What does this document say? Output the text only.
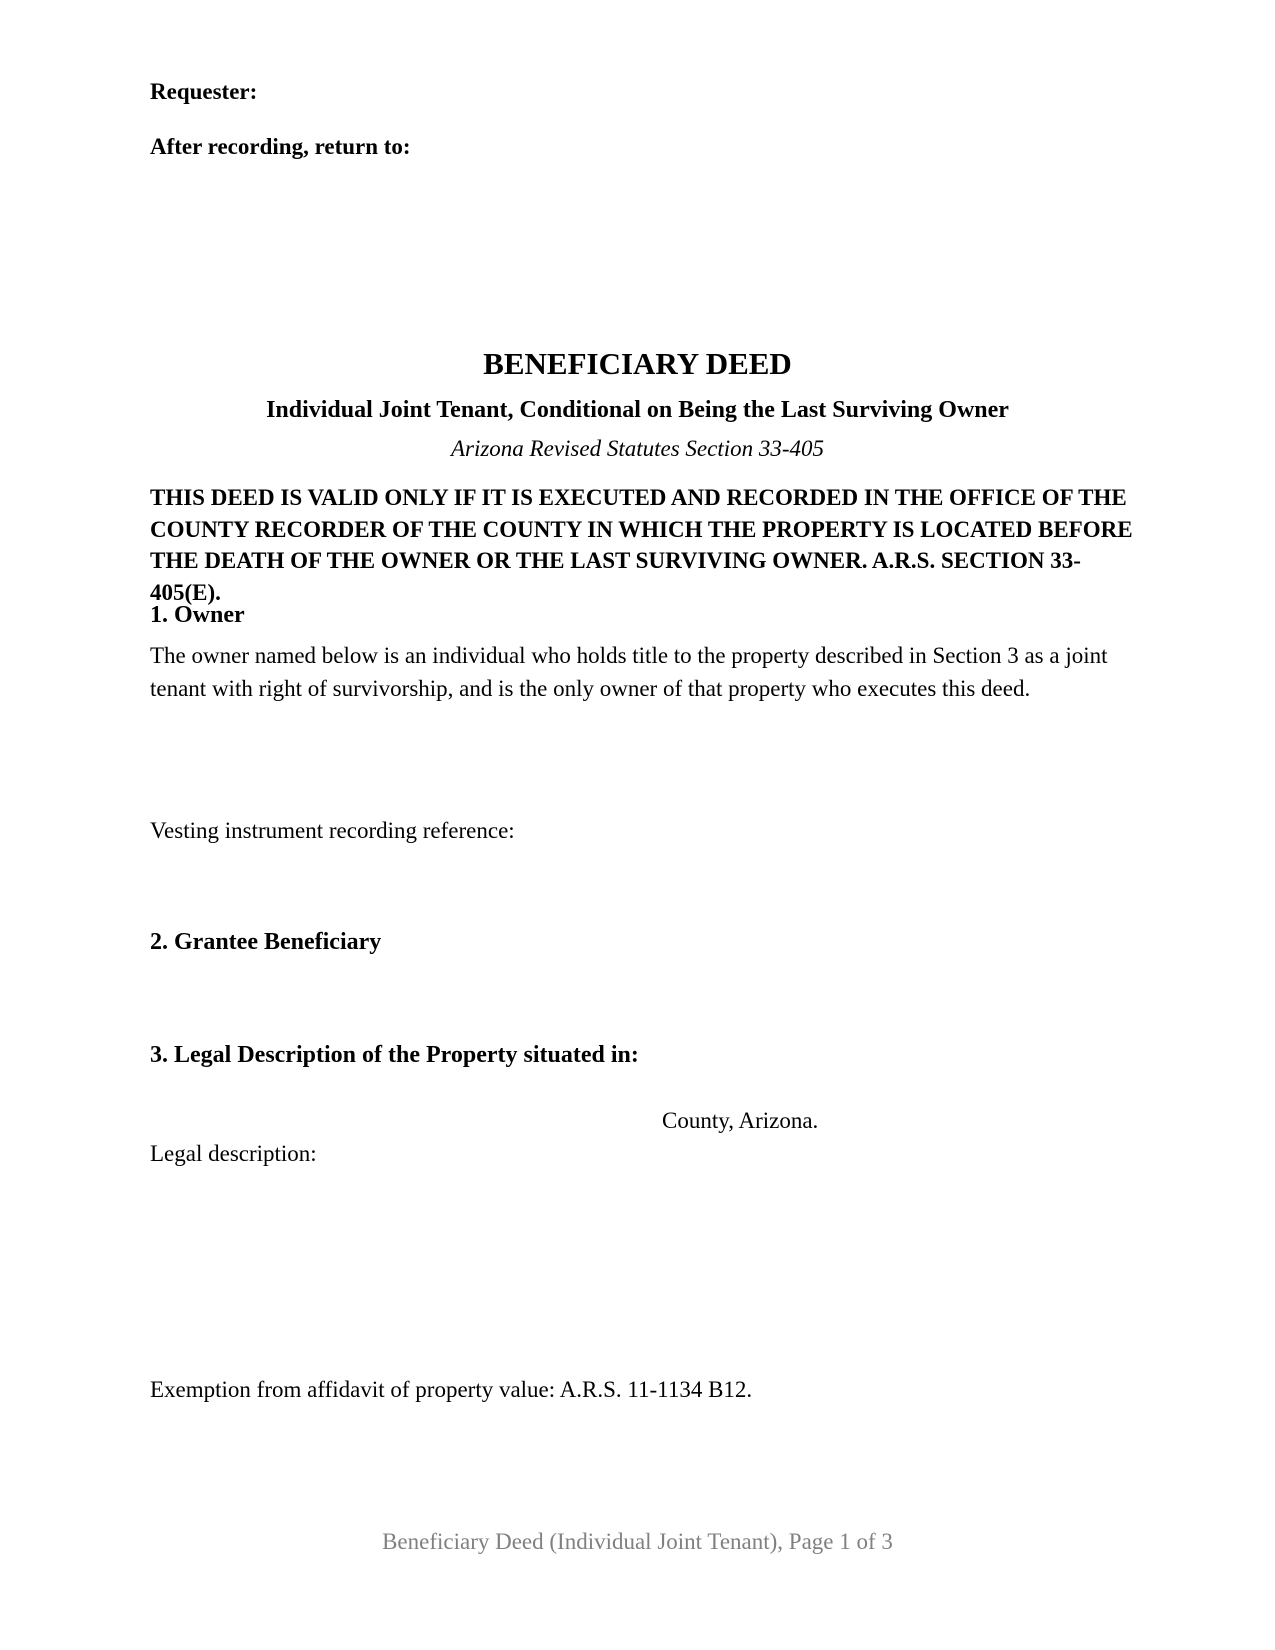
Requester:

After recording, return to:

BENEFICIARY DEED

Individual Joint Tenant, Conditional on Being the Last Surviving Owner

Arizona Revised Statutes Section 33-405

THIS DEED IS VALID ONLY IF IT IS EXECUTED AND RECORDED IN THE OFFICE OF THE COUNTY RECORDER OF THE COUNTY IN WHICH THE PROPERTY IS LOCATED BEFORE THE DEATH OF THE OWNER OR THE LAST SURVIVING OWNER. A.R.S. SECTION 33-405(E).

1. Owner

The owner named below is an individual who holds title to the property described in Section 3 as a joint tenant with right of survivorship, and is the only owner of that property who executes this deed.

Vesting instrument recording reference:

2. Grantee Beneficiary
3. Legal Description of the Property situated in:

County, Arizona.

Legal description:

Exemption from affidavit of property value: A.R.S. 11-1134 B12.

Beneficiary Deed (Individual Joint Tenant), Page 1 of 3
